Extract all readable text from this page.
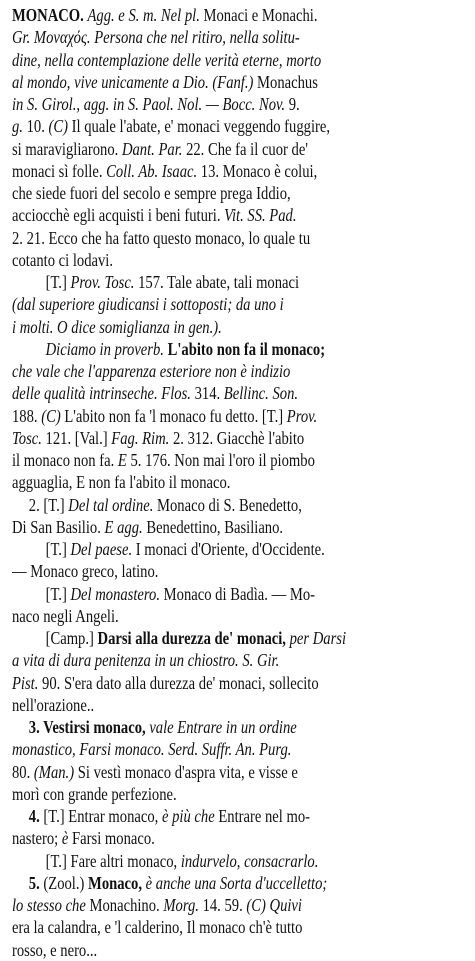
MONACO. Agg. e S. m. Nel pl. Monaci e Monachi.
Gr. Μοναχός. Persona che nel ritiro, nella solitu-
dine, nella contemplazione delle verità eterne, morto
al mondo, vive unicamente a Dio. (Fanf.) Monachus
in S. Girol., agg. in S. Paol. Nol. — Bocc. Nov. 9.
g. 10. (C) Il quale l'abate, e' monaci veggendo fuggire,
si maravigliarono. Dant. Par. 22. Che fa il cuor de'
monaci sì folle. Coll. Ab. Isaac. 13. Monaco è colui,
che siede fuori del secolo e sempre prega Iddio,
acciocchè egli acquisti i beni futuri. Vit. SS. Pad.
2. 21. Ecco che ha fatto questo monaco, lo quale tu
cotanto ci lodavi.
[T.] Prov. Tosc. 157. Tale abate, tali monaci
(dal superiore giudicansi i sottoposti; da uno i
i molti. O dice somiglianza in gen.).
Diciamo in proverb. L'abito non fa il monaco;
che vale che l'apparenza esteriore non è indizio
delle qualità intrinseche. Flos. 314. Bellinc. Son.
188. (C) L'abito non fa 'l monaco fu detto. [T.] Prov.
Tosc. 121. [Val.] Fag. Rim. 2. 312. Giacchè l'abito
il monaco non fa. E 5. 176. Non mai l'oro il piombo
agguaglia, E non fa l'abito il monaco.
2. [T.] Del tal ordine. Monaco di S. Benedetto,
Di San Basilio. E agg. Benedettino, Basiliano.
[T.] Del paese. I monaci d'Oriente, d'Occidente.
— Monaco greco, latino.
[T.] Del monastero. Monaco di Badìa. — Mo-
naco negli Angeli.
[Camp.] Darsi alla durezza de' monaci, per Darsi
a vita di dura penitenza in un chiostro. S. Gir.
Pist. 90. S'era dato alla durezza de' monaci, sollecito
nell'orazione..
3. Vestirsi monaco, vale Entrare in un ordine
monastico, Farsi monaco. Serd. Suffr. An. Purg.
80. (Man.) Si vestì monaco d'aspra vita, e visse e
morì con grande perfezione.
4. [T.] Entrar monaco, è più che Entrare nel mo-
nastero; è Farsi monaco.
[T.] Fare altri monaco, indurvelo, consacrarlo.
5. (Zool.) Monaco, è anche una Sorta d'uccelletto;
lo stesso che Monachino. Morg. 14. 59. (C) Quivi
era la calandra, e 'l calderino, Il monaco ch'è tutto
rosso, e nero...
